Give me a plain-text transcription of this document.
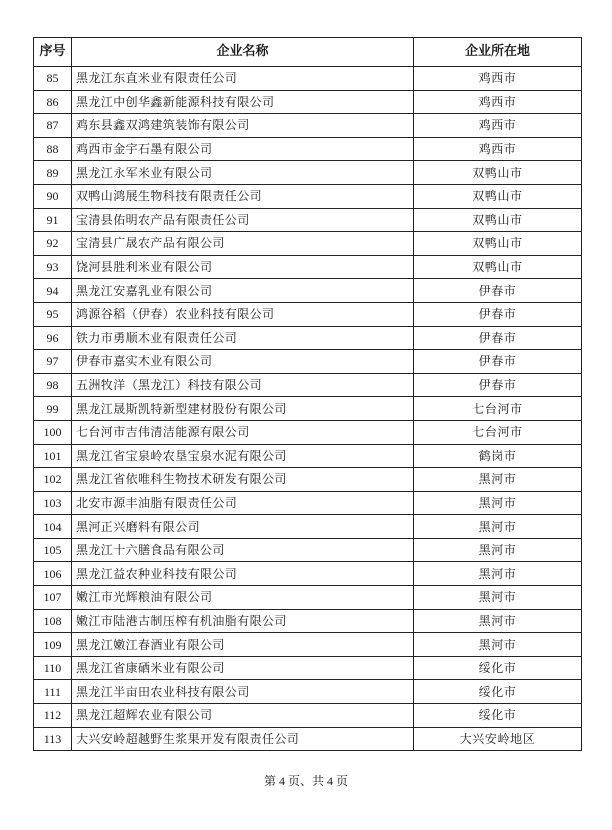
序号	企业名称	企业所在地
85	黑龙江东直米业有限责任公司	鸡西市
86	黑龙江中创华鑫新能源科技有限公司	鸡西市
87	鸡东县鑫双鸿建筑装饰有限公司	鸡西市
88	鸡西市金宇石墨有限公司	鸡西市
89	黑龙江永军米业有限公司	双鸭山市
90	双鸭山鸿展生物科技有限责任公司	双鸭山市
91	宝清县佑明农产品有限责任公司	双鸭山市
92	宝清县广晟农产品有限公司	双鸭山市
93	饶河县胜利米业有限公司	双鸭山市
94	黑龙江安嘉乳业有限公司	伊春市
95	鸿源谷稻（伊春）农业科技有限公司	伊春市
96	铁力市勇顺木业有限责任公司	伊春市
97	伊春市嘉实木业有限公司	伊春市
98	五洲牧洋（黑龙江）科技有限公司	伊春市
99	黑龙江晟斯凯特新型建材股份有限公司	七台河市
100	七台河市吉伟清洁能源有限公司	七台河市
101	黑龙江省宝泉岭农垦宝泉水泥有限公司	鹤岗市
102	黑龙江省依唯科生物技术研发有限公司	黑河市
103	北安市源丰油脂有限责任公司	黑河市
104	黑河正兴磨料有限公司	黑河市
105	黑龙江十六膳食品有限公司	黑河市
106	黑龙江益农种业科技有限公司	黑河市
107	嫩江市光辉粮油有限公司	黑河市
108	嫩江市陆港古制压榨有机油脂有限公司	黑河市
109	黑龙江嫩江春酒业有限公司	黑河市
110	黑龙江省康硒米业有限公司	绥化市
111	黑龙江半亩田农业科技有限公司	绥化市
112	黑龙江超辉农业有限公司	绥化市
113	大兴安岭超越野生浆果开发有限责任公司	大兴安岭地区
第 4 页、共 4 页
